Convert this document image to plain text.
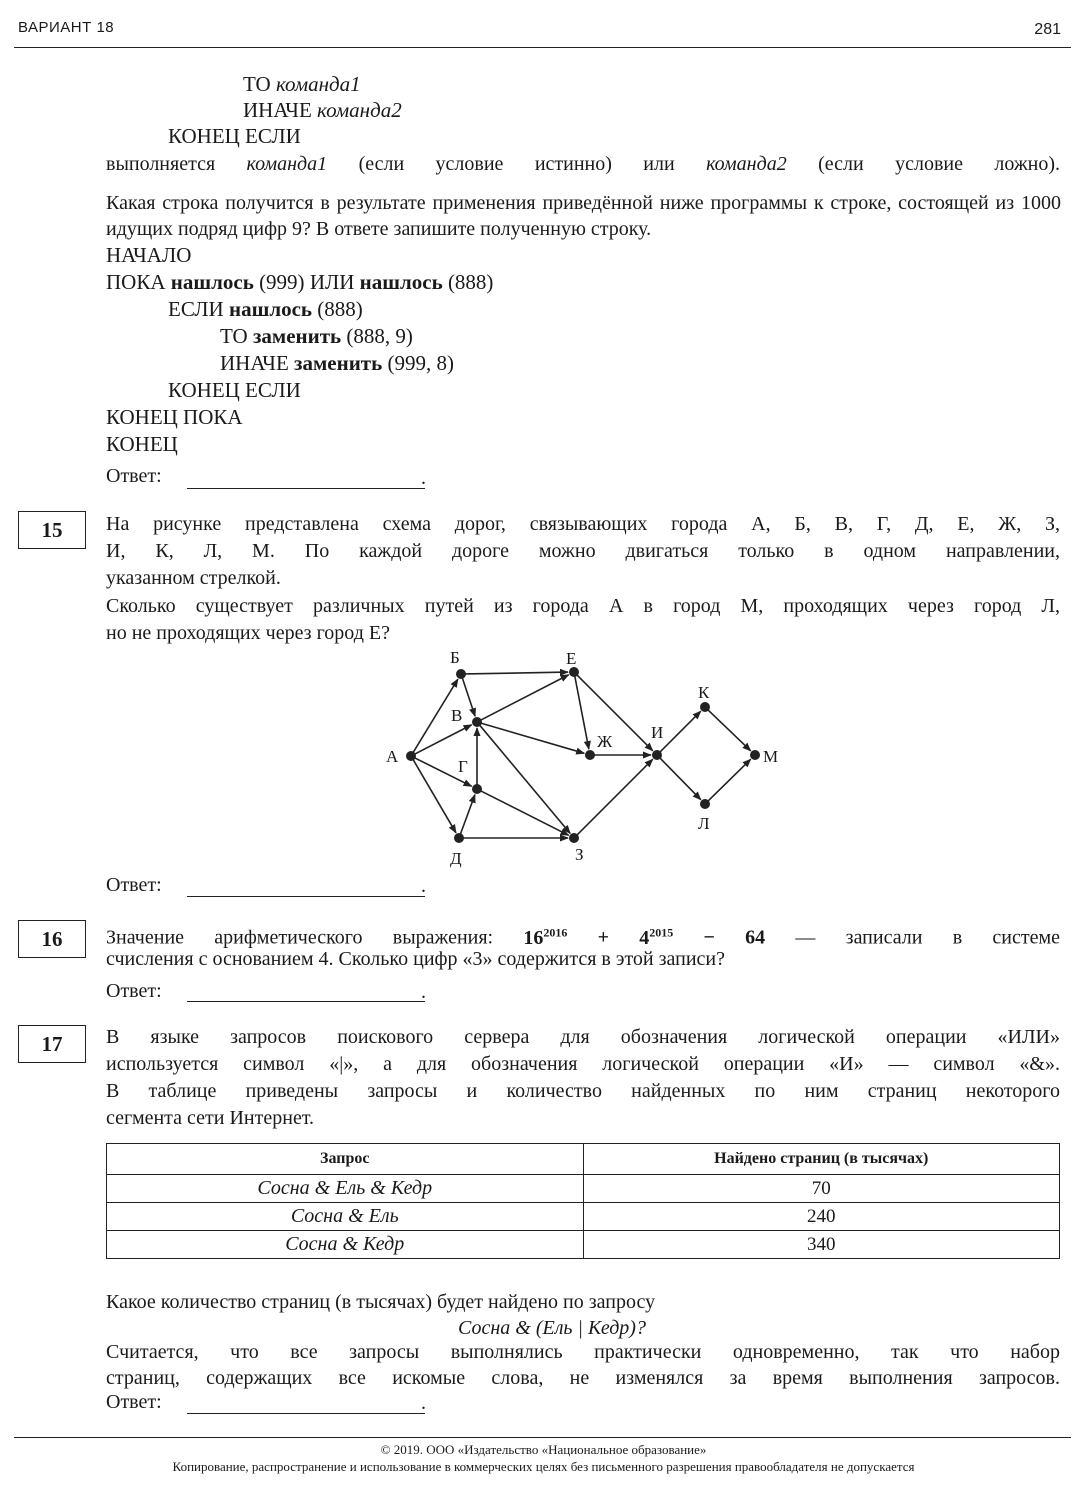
ВАРИАНТ 18	281
ТО команда1
ИНАЧЕ команда2
КОНЕЦ ЕСЛИ
выполняется команда1 (если условие истинно) или команда2 (если условие ложно).
Какая строка получится в результате применения приведённой ниже программы к строке, состоящей из 1000 идущих подряд цифр 9? В ответе запишите полученную строку.
НАЧАЛО
ПОКА нашлось (999) ИЛИ нашлось (888)
ЕСЛИ нашлось (888)
ТО заменить (888, 9)
ИНАЧЕ заменить (999, 8)
КОНЕЦ ЕСЛИ
КОНЕЦ ПОКА
КОНЕЦ
Ответ:	.
15	На рисунке представлена схема дорог, связывающих города А, Б, В, Г, Д, Е, Ж, З,
И, К, Л, М. По каждой дороге можно двигаться только в одном направлении,
указанном стрелкой.
Сколько существует различных путей из города А в город М, проходящих через город Л,
но не проходящих через город Е?
А
Б
В
Г
Д
Е
Ж
З
И
К
Л
М
Ответ:	.
16	Значение арифметического выражения: $16^{2016} + 4^{2015} - 64$ — записали в системе
счисления с основанием 4. Сколько цифр «3» содержится в этой записи?
Ответ:	.
17	В языке запросов поискового сервера для обозначения логической операции «ИЛИ»
используется символ «|», а для обозначения логической операции «И» — символ «&».
В таблице приведены запросы и количество найденных по ним страниц некоторого
сегмента сети Интернет.
Запрос	Найдено страниц (в тысячах)
Сосна & Ель & Кедр	70
Сосна & Ель	240
Сосна & Кедр	340
Какое количество страниц (в тысячах) будет найдено по запросу
Сосна & (Ель | Кедр)?
Считается, что все запросы выполнялись практически одновременно, так что набор
страниц, содержащих все искомые слова, не изменялся за время выполнения запросов.
Ответ:	.
© 2019. ООО «Издательство «Национальное образование»
Копирование, распространение и использование в коммерческих целях без письменного разрешения правообладателя не допускается
